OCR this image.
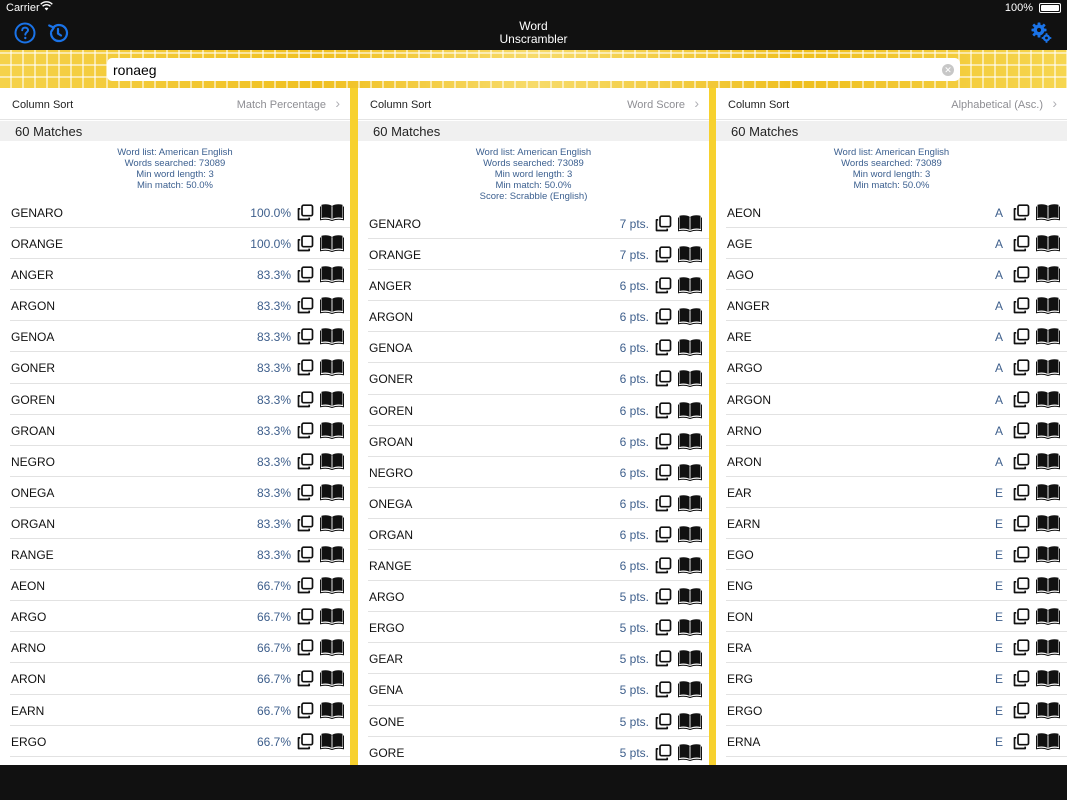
Carrier	100%
Word
Unscrambler
ronaeg
✕
Column Sort	Match Percentage ›
60 Matches
Word list: American English
Words searched: 73089
Min word length: 3
Min match: 50.0%
GENARO	100.0%
ORANGE	100.0%
ANGER	83.3%
ARGON	83.3%
GENOA	83.3%
GONER	83.3%
GOREN	83.3%
GROAN	83.3%
NEGRO	83.3%
ONEGA	83.3%
ORGAN	83.3%
RANGE	83.3%
AEON	66.7%
ARGO	66.7%
ARNO	66.7%
ARON	66.7%
EARN	66.7%
ERGO	66.7%
Column Sort	Word Score ›
60 Matches
Word list: American English
Words searched: 73089
Min word length: 3
Min match: 50.0%
Score: Scrabble (English)
GENARO	7 pts.
ORANGE	7 pts.
ANGER	6 pts.
ARGON	6 pts.
GENOA	6 pts.
GONER	6 pts.
GOREN	6 pts.
GROAN	6 pts.
NEGRO	6 pts.
ONEGA	6 pts.
ORGAN	6 pts.
RANGE	6 pts.
ARGO	5 pts.
ERGO	5 pts.
GEAR	5 pts.
GENA	5 pts.
GONE	5 pts.
GORE	5 pts.
Column Sort	Alphabetical (Asc.) ›
60 Matches
Word list: American English
Words searched: 73089
Min word length: 3
Min match: 50.0%
AEON	A
AGE	A
AGO	A
ANGER	A
ARE	A
ARGO	A
ARGON	A
ARNO	A
ARON	A
EAR	E
EARN	E
EGO	E
ENG	E
EON	E
ERA	E
ERG	E
ERGO	E
ERNA	E
